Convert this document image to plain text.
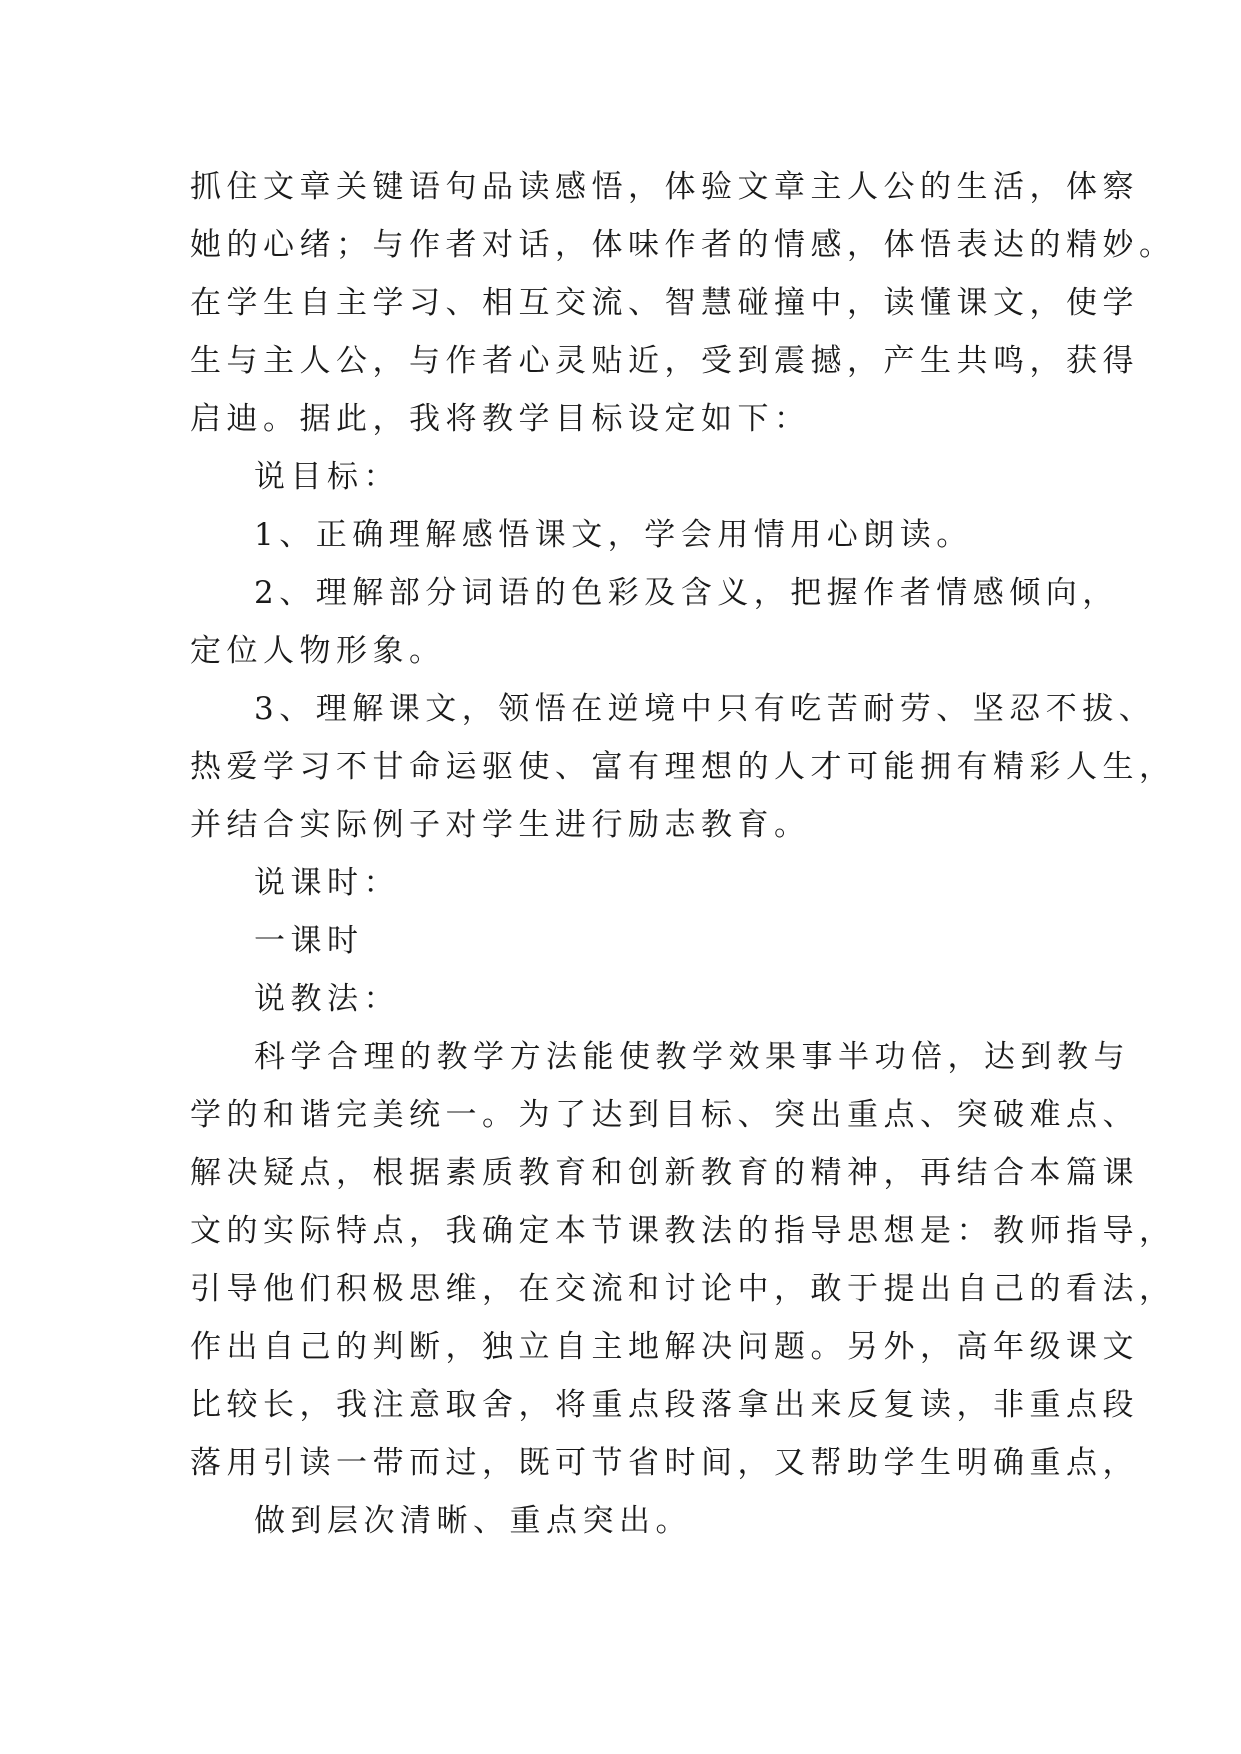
抓住文章关键语句品读感悟，体验文章主人公的生活，体察

她的心绪；与作者对话，体味作者的情感，体悟表达的精妙。

在学生自主学习、相互交流、智慧碰撞中，读懂课文，使学

生与主人公，与作者心灵贴近，受到震撼，产生共鸣，获得

启迪。据此，我将教学目标设定如下：

说目标：

1、正确理解感悟课文，学会用情用心朗读。

2、理解部分词语的色彩及含义，把握作者情感倾向，

定位人物形象。

3、理解课文，领悟在逆境中只有吃苦耐劳、坚忍不拔、

热爱学习不甘命运驱使、富有理想的人才可能拥有精彩人生，

并结合实际例子对学生进行励志教育。

说课时：

一课时

说教法：

科学合理的教学方法能使教学效果事半功倍，达到教与

学的和谐完美统一。为了达到目标、突出重点、突破难点、

解决疑点，根据素质教育和创新教育的精神，再结合本篇课

文的实际特点，我确定本节课教法的指导思想是：教师指导，

引导他们积极思维，在交流和讨论中，敢于提出自己的看法，

作出自己的判断，独立自主地解决问题。另外，高年级课文

比较长，我注意取舍，将重点段落拿出来反复读，非重点段

落用引读一带而过，既可节省时间，又帮助学生明确重点，

做到层次清晰、重点突出。
